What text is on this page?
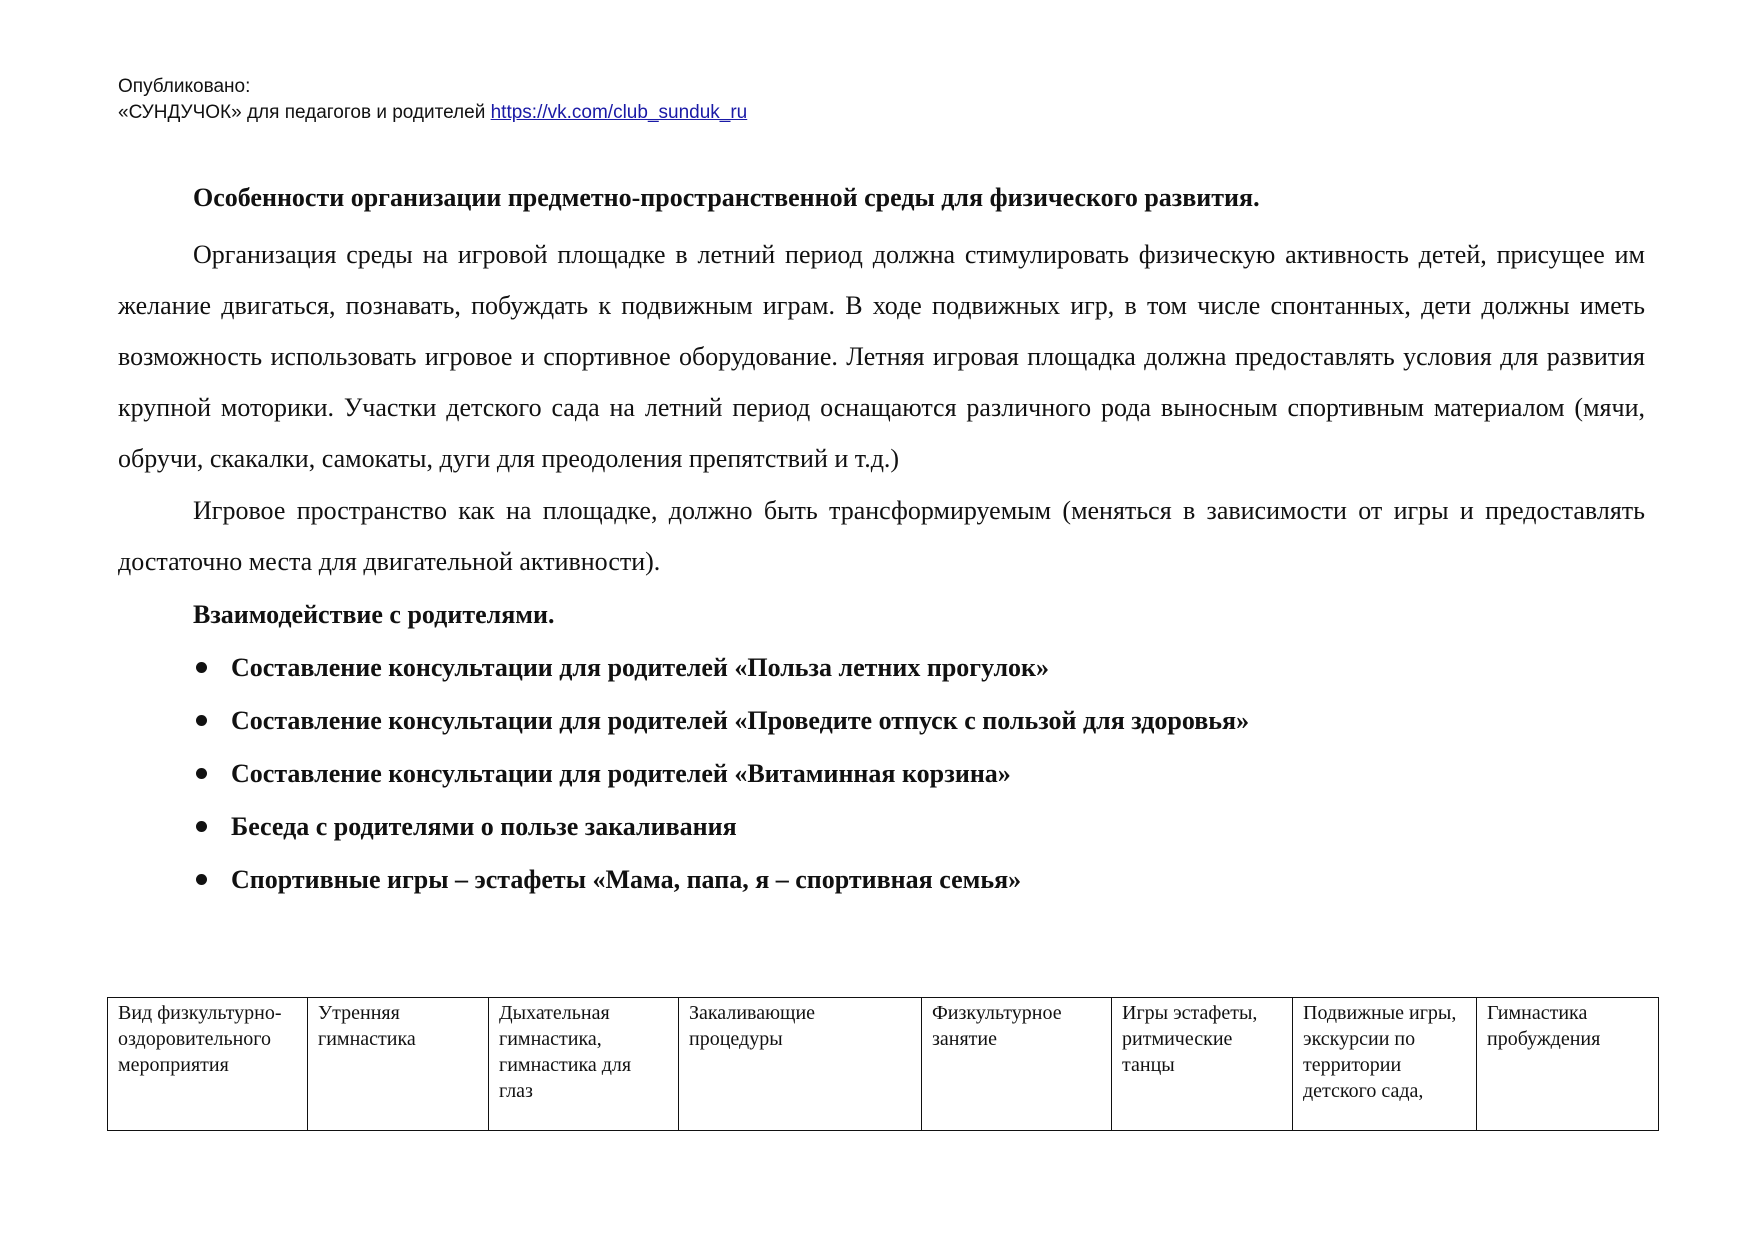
Опубликовано:
«СУНДУЧОК» для педагогов и родителей https://vk.com/club_sunduk_ru

Особенности организации предметно-пространственной среды для физического развития.

Организация среды на игровой площадке в летний период должна стимулировать физическую активность детей, присущее им желание двигаться, познавать, побуждать к подвижным играм. В ходе подвижных игр, в том числе спонтанных, дети должны иметь возможность использовать игровое и спортивное оборудование. Летняя игровая площадка должна предоставлять условия для развития крупной моторики. Участки детского сада на летний период оснащаются различного рода выносным спортивным материалом (мячи, обручи, скакалки, самокаты, дуги для преодоления препятствий и т.д.)

Игровое пространство как на площадке, должно быть трансформируемым (меняться в зависимости от игры и предоставлять достаточно места для двигательной активности).

Взаимодействие с родителями.

Составление консультации для родителей «Польза летних прогулок»
Составление консультации для родителей «Проведите отпуск с пользой для здоровья»
Составление консультации для родителей «Витаминная корзина»
Беседа с родителями о пользе закаливания
Спортивные игры – эстафеты «Мама, папа, я – спортивная семья»
Вид физкультурно-оздоровительного мероприятия	Утренняя гимнастика	Дыхательная гимнастика, гимнастика для глаз	Закаливающие процедуры	Физкультурное занятие	Игры эстафеты, ритмические танцы	Подвижные игры, экскурсии по территории детского сада,	Гимнастика пробуждения
